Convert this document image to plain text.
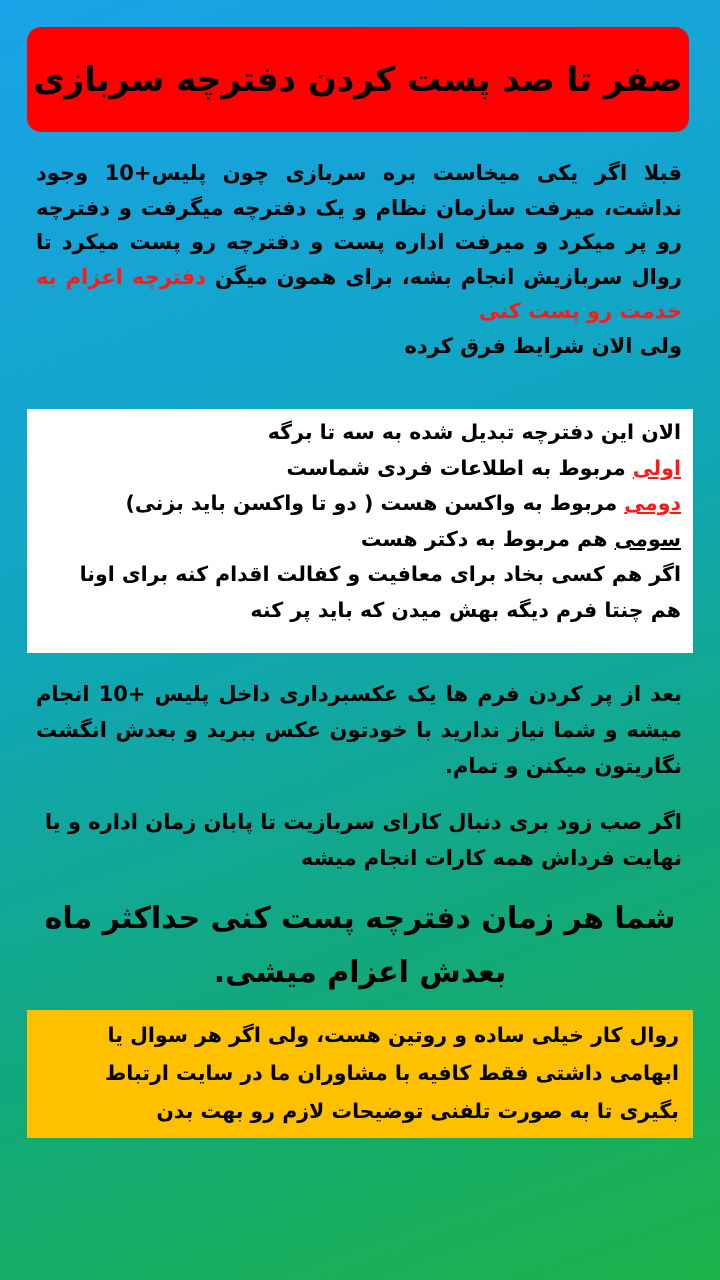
صفر تا صد پست کردن دفترچه سربازی
قبلا اگر یکی میخاست بره سربازی چون پلیس+10 وجود نداشت، میرفت سازمان نظام و یک دفترچه میگرفت و دفترچه رو پر میکرد و میرفت اداره پست و دفترچه رو پست میکرد تا روال سربازیش انجام بشه، برای همون میگن دفترچه اعزام به خدمت رو پست کنی
ولی الان شرایط فرق کرده
الان این دفترچه تبدیل شده به سه تا برگه
اولی مربوط به اطلاعات فردی شماست
دومی مربوط به واکسن هست ( دو تا واکسن باید بزنی)
سومی هم مربوط به دکتر هست
اگر هم کسی بخاد برای معافیت و کفالت اقدام کنه برای اونا
هم چنتا فرم دیگه بهش میدن که باید پر کنه
بعد از پر کردن فرم ها یک عکسبرداری داخل پلیس +10 انجام میشه و شما نیاز ندارید با خودتون عکس ببرید و بعدش انگشت نگاریتون میکنن و تمام.
اگر صب زود بری دنبال کارای سربازیت تا پابان زمان اداره و یا نهایت فرداش همه کارات انجام میشه
شما هر زمان دفترچه پست کنی حداکثر ماه
بعدش اعزام میشی.
روال کار خیلی ساده و روتین هست، ولی اگر هر سوال یا
ابهامی داشتی فقط کافیه با مشاوران ما در سایت ارتباط
بگیری تا به صورت تلفنی توضیحات لازم رو بهت بدن
